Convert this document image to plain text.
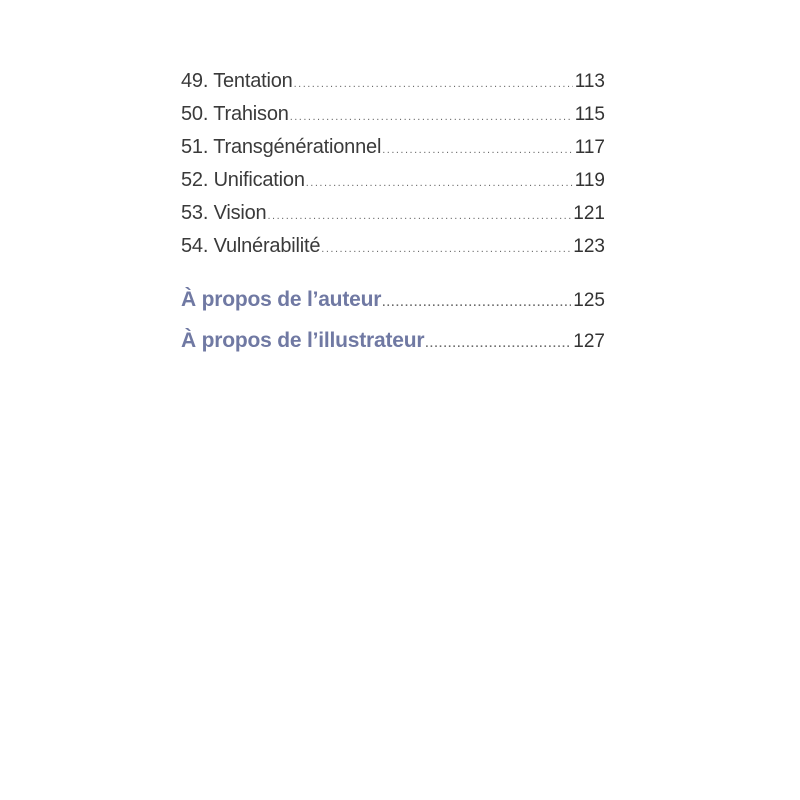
49. Tentation .....	113
50. Trahison .....	115
51. Transgénérationnel .....	117
52. Unification .....	119
53. Vision .....	121
54. Vulnérabilité .....	123
À propos de l’auteur .....	125
À propos de l’illustrateur .....	127
